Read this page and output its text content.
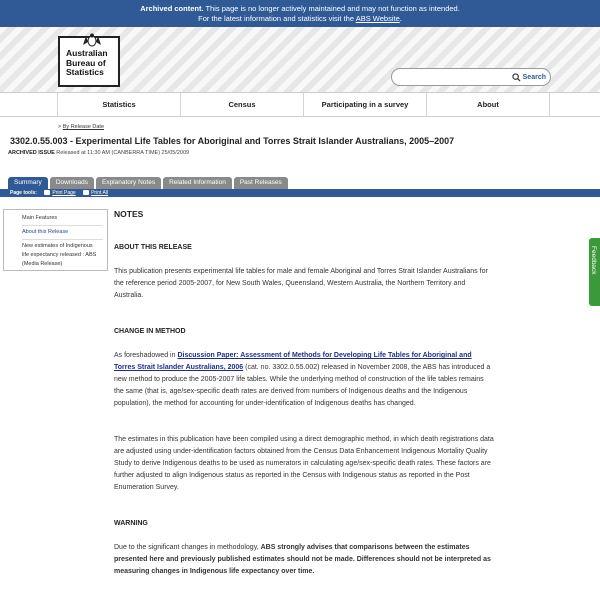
Archived content. This page is no longer actively maintained and may not function as intended.
For the latest information and statistics visit the ABS Website.
Australian
Bureau of
Statistics
Search
Statistics	Census	Participating in a survey	About
> By Release Date
3302.0.55.003 - Experimental Life Tables for Aboriginal and Torres Strait Islander Australians, 2005–2007
ARCHIVED ISSUE Released at 11:30 AM (CANBERRA TIME) 25/05/2009
Summary	Downloads	Explanatory Notes	Related Information	Past Releases
Page tools:	Print Page	Print All
Main Features
About this Release
New estimates of Indigenous
life expectancy released : ABS
(Media Release)
NOTES
ABOUT THIS RELEASE

This publication presents experimental life tables for male and female Aboriginal and Torres Strait Islander Australians for the reference period 2005-2007, for New South Wales, Queensland, Western Australia, the Northern Territory and Australia.

CHANGE IN METHOD

As foreshadowed in Discussion Paper: Assessment of Methods for Developing Life Tables for Aboriginal and Torres Strait Islander Australians, 2006 (cat. no. 3302.0.55.002) released in November 2008, the ABS has introduced a new method to produce the 2005-2007 life tables. While the underlying method of construction of the life tables remains the same (that is, age/sex-specific death rates are derived from numbers of Indigenous deaths and the Indigenous population), the method for accounting for under-identification of Indigenous deaths has changed.

The estimates in this publication have been compiled using a direct demographic method, in which death registrations data are adjusted using under-identification factors obtained from the Census Data Enhancement Indigenous Mortality Quality Study to derive Indigenous deaths to be used as numerators in calculating age/sex-specific death rates. These factors are further adjusted to align Indigenous status as reported in the Census with Indigenous status as reported in the Post Enumeration Survey.

WARNING

Due to the significant changes in methodology, ABS strongly advises that comparisons between the estimates presented here and previously published estimates should not be made. Differences should not be interpreted as measuring changes in Indigenous life expectancy over time.

Feedback
